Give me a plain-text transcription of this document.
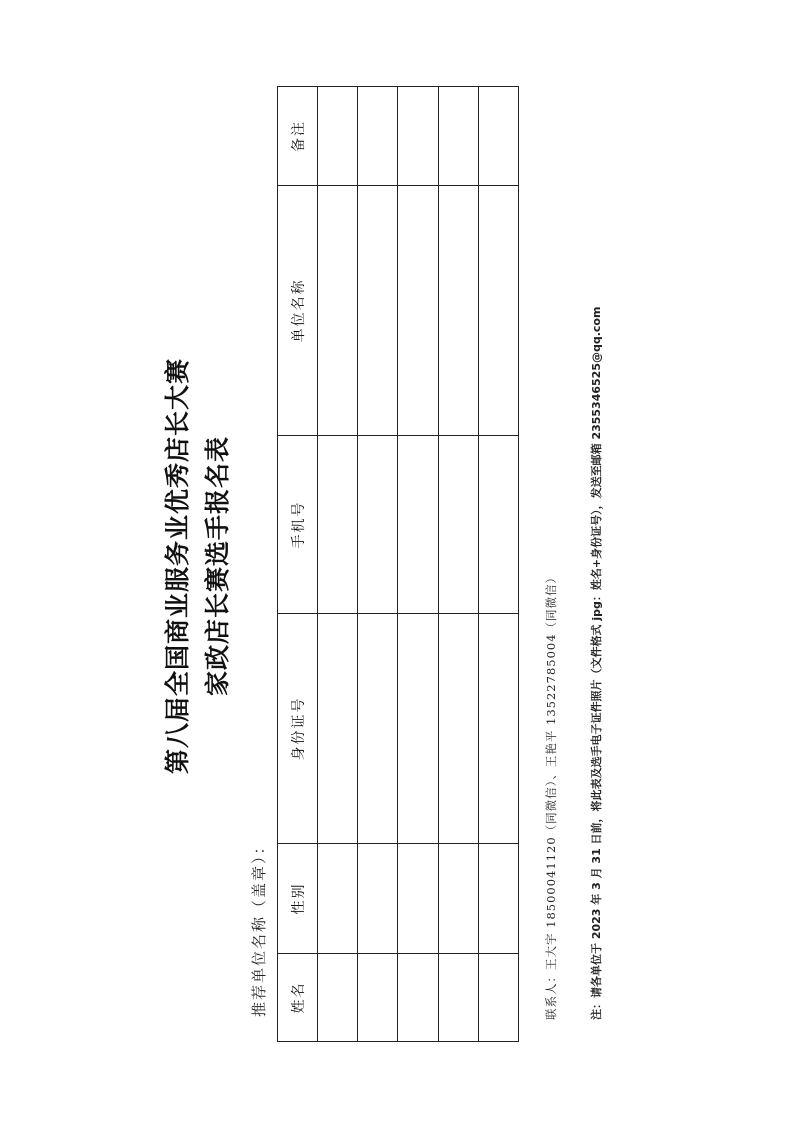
第八届全国商业服务业优秀店长大赛 家政店长赛选手报名表
推荐单位名称（盖章）： 姓名	性别	身份证号	手机号	单位名称	备注

联系人：王大宇 18500041120（同微信）、王艳平 13522785004（同微信）	注：请各单位于 2023 年 3 月 31 日前，将此表及选手电子证件照片（文件格式 jpg：姓名+身份证号），发送至邮箱 2355346525@qq.com
